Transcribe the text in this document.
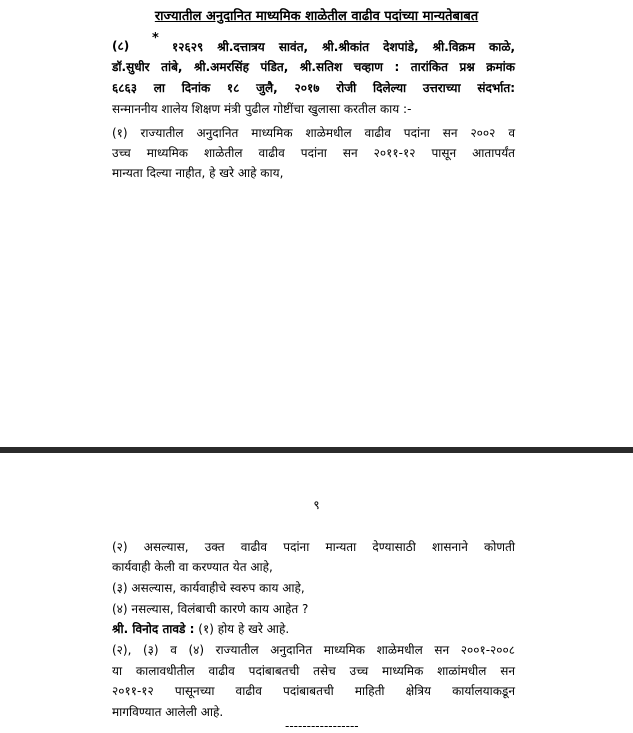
राज्यातील अनुदानित माध्यमिक शाळेतील वाढीव पदांच्या मान्यतेबाबत
(८)	*
१२६२९ श्री.दत्तात्रय सावंत, श्री.श्रीकांत देशपांडे, श्री.विक्रम काळे,
डॉ.सुधीर तांबे, श्री.अमरसिंह पंडित, श्री.सतिश चव्हाण : तारांकित प्रश्न क्रमांक
६८६३ ला दिनांक १८ जुलै, २०१७ रोजी दिलेल्या उत्तराच्या संदर्भात:
सन्माननीय शालेय शिक्षण मंत्री पुढील गोष्टींचा खुलासा करतील काय :-
(१) राज्यातील अनुदानित माध्यमिक शाळेमधील वाढीव पदांना सन २००२ व
उच्च माध्यमिक शाळेतील वाढीव पदांना सन २०११-१२ पासून आतापर्यंत
मान्यता दिल्या नाहीत, हे खरे आहे काय,
९
(२) असल्यास, उक्त वाढीव पदांना मान्यता देण्यासाठी शासनाने कोणती
कार्यवाही केली वा करण्यात येत आहे,
(३) असल्यास, कार्यवाहीचे स्वरुप काय आहे,
(४) नसल्यास, विलंबाची कारणे काय आहेत ?
श्री. विनोद तावडे : (१) होय हे खरे आहे.
(२), (३) व (४) राज्यातील अनुदानित माध्यमिक शाळेमधील सन २००१-२००८
या कालावधीतील वाढीव पदांबाबतची तसेच उच्च माध्यमिक शाळांमधील सन
२०११-१२ पासूनच्या वाढीव पदांबाबतची माहिती क्षेत्रिय कार्यालयाकडून
मागविण्यात आलेली आहे.
-----------------
